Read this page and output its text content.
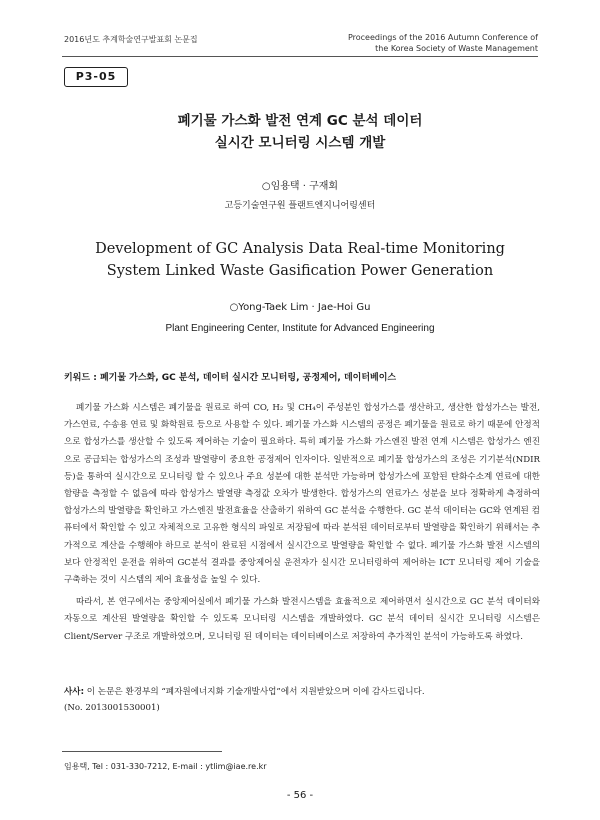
2016년도 추계학술연구발표회 논문집	Proceedings of the 2016 Autumn Conference of
the Korea Society of Waste Management
P3-05
폐기물 가스화 발전 연계 GC 분석 데이터
실시간 모니터링 시스템 개발
○임용택 · 구재회
고등기술연구원 플랜트엔지니어링센터
Development of GC Analysis Data Real-time Monitoring
System Linked Waste Gasification Power Generation
○Yong-Taek Lim · Jae-Hoi Gu
Plant Engineering Center, Institute for Advanced Engineering
키워드 : 폐기물 가스화, GC 분석, 데이터 실시간 모니터링, 공정제어, 데이터베이스

폐기물 가스화 시스템은 폐기물을 원료로 하여 CO, H₂ 및 CH₄이 주성분인 합성가스를 생산하고, 생산한 합성가스는 발전, 가스연료, 수송용 연료 및 화학원료 등으로 사용할 수 있다. 폐기물 가스화 시스템의 공정은 폐기물을 원료로 하기 때문에 안정적으로 합성가스를 생산할 수 있도록 제어하는 기술이 필요하다. 특히 폐기물 가스화 가스엔진 발전 연계 시스템은 합성가스 엔진으로 공급되는 합성가스의 조성과 발열량이 중요한 공정제어 인자이다. 일반적으로 폐기물 합성가스의 조성은 기기분석(NDIR 등)을 통하여 실시간으로 모니터링 할 수 있으나 주요 성분에 대한 분석만 가능하며 합성가스에 포함된 탄화수소계 연료에 대한 함량을 측정할 수 없음에 따라 합성가스 발열량 측정값 오차가 발생한다. 합성가스의 연료가스 성분을 보다 정확하게 측정하여 합성가스의 발열량을 확인하고 가스엔진 발전효율을 산출하기 위하여 GC 분석을 수행한다. GC 분석 데이터는 GC와 연계된 컴퓨터에서 확인할 수 있고 자체적으로 고유한 형식의 파일로 저장됨에 따라 분석된 데이터로부터 발열량을 확인하기 위해서는 추가적으로 계산을 수행해야 하므로 분석이 완료된 시점에서 실시간으로 발열량을 확인할 수 없다. 폐기물 가스화 발전 시스템의 보다 안정적인 운전을 위하여 GC분석 결과를 중앙제어실 운전자가 실시간 모니터링하여 제어하는 ICT 모니터링 제어 기술을 구축하는 것이 시스템의 제어 효율성을 높일 수 있다.

따라서, 본 연구에서는 중앙제어실에서 폐기물 가스화 발전시스템을 효율적으로 제어하면서 실시간으로 GC 분석 데이터와 자동으로 계산된 발열량을 확인할 수 있도록 모니터링 시스템을 개발하였다. GC 분석 데이터 실시간 모니터링 시스템은 Client/Server 구조로 개발하였으며, 모니터링 된 데이터는 데이터베이스로 저장하여 추가적인 분석이 가능하도록 하였다.

사사: 이 논문은 환경부의 “폐자원에너지화 기술개발사업”에서 지원받았으며 이에 감사드립니다.
(No. 2013001530001)
임용택, Tel : 031-330-7212, E-mail : ytlim@iae.re.kr
- 56 -
